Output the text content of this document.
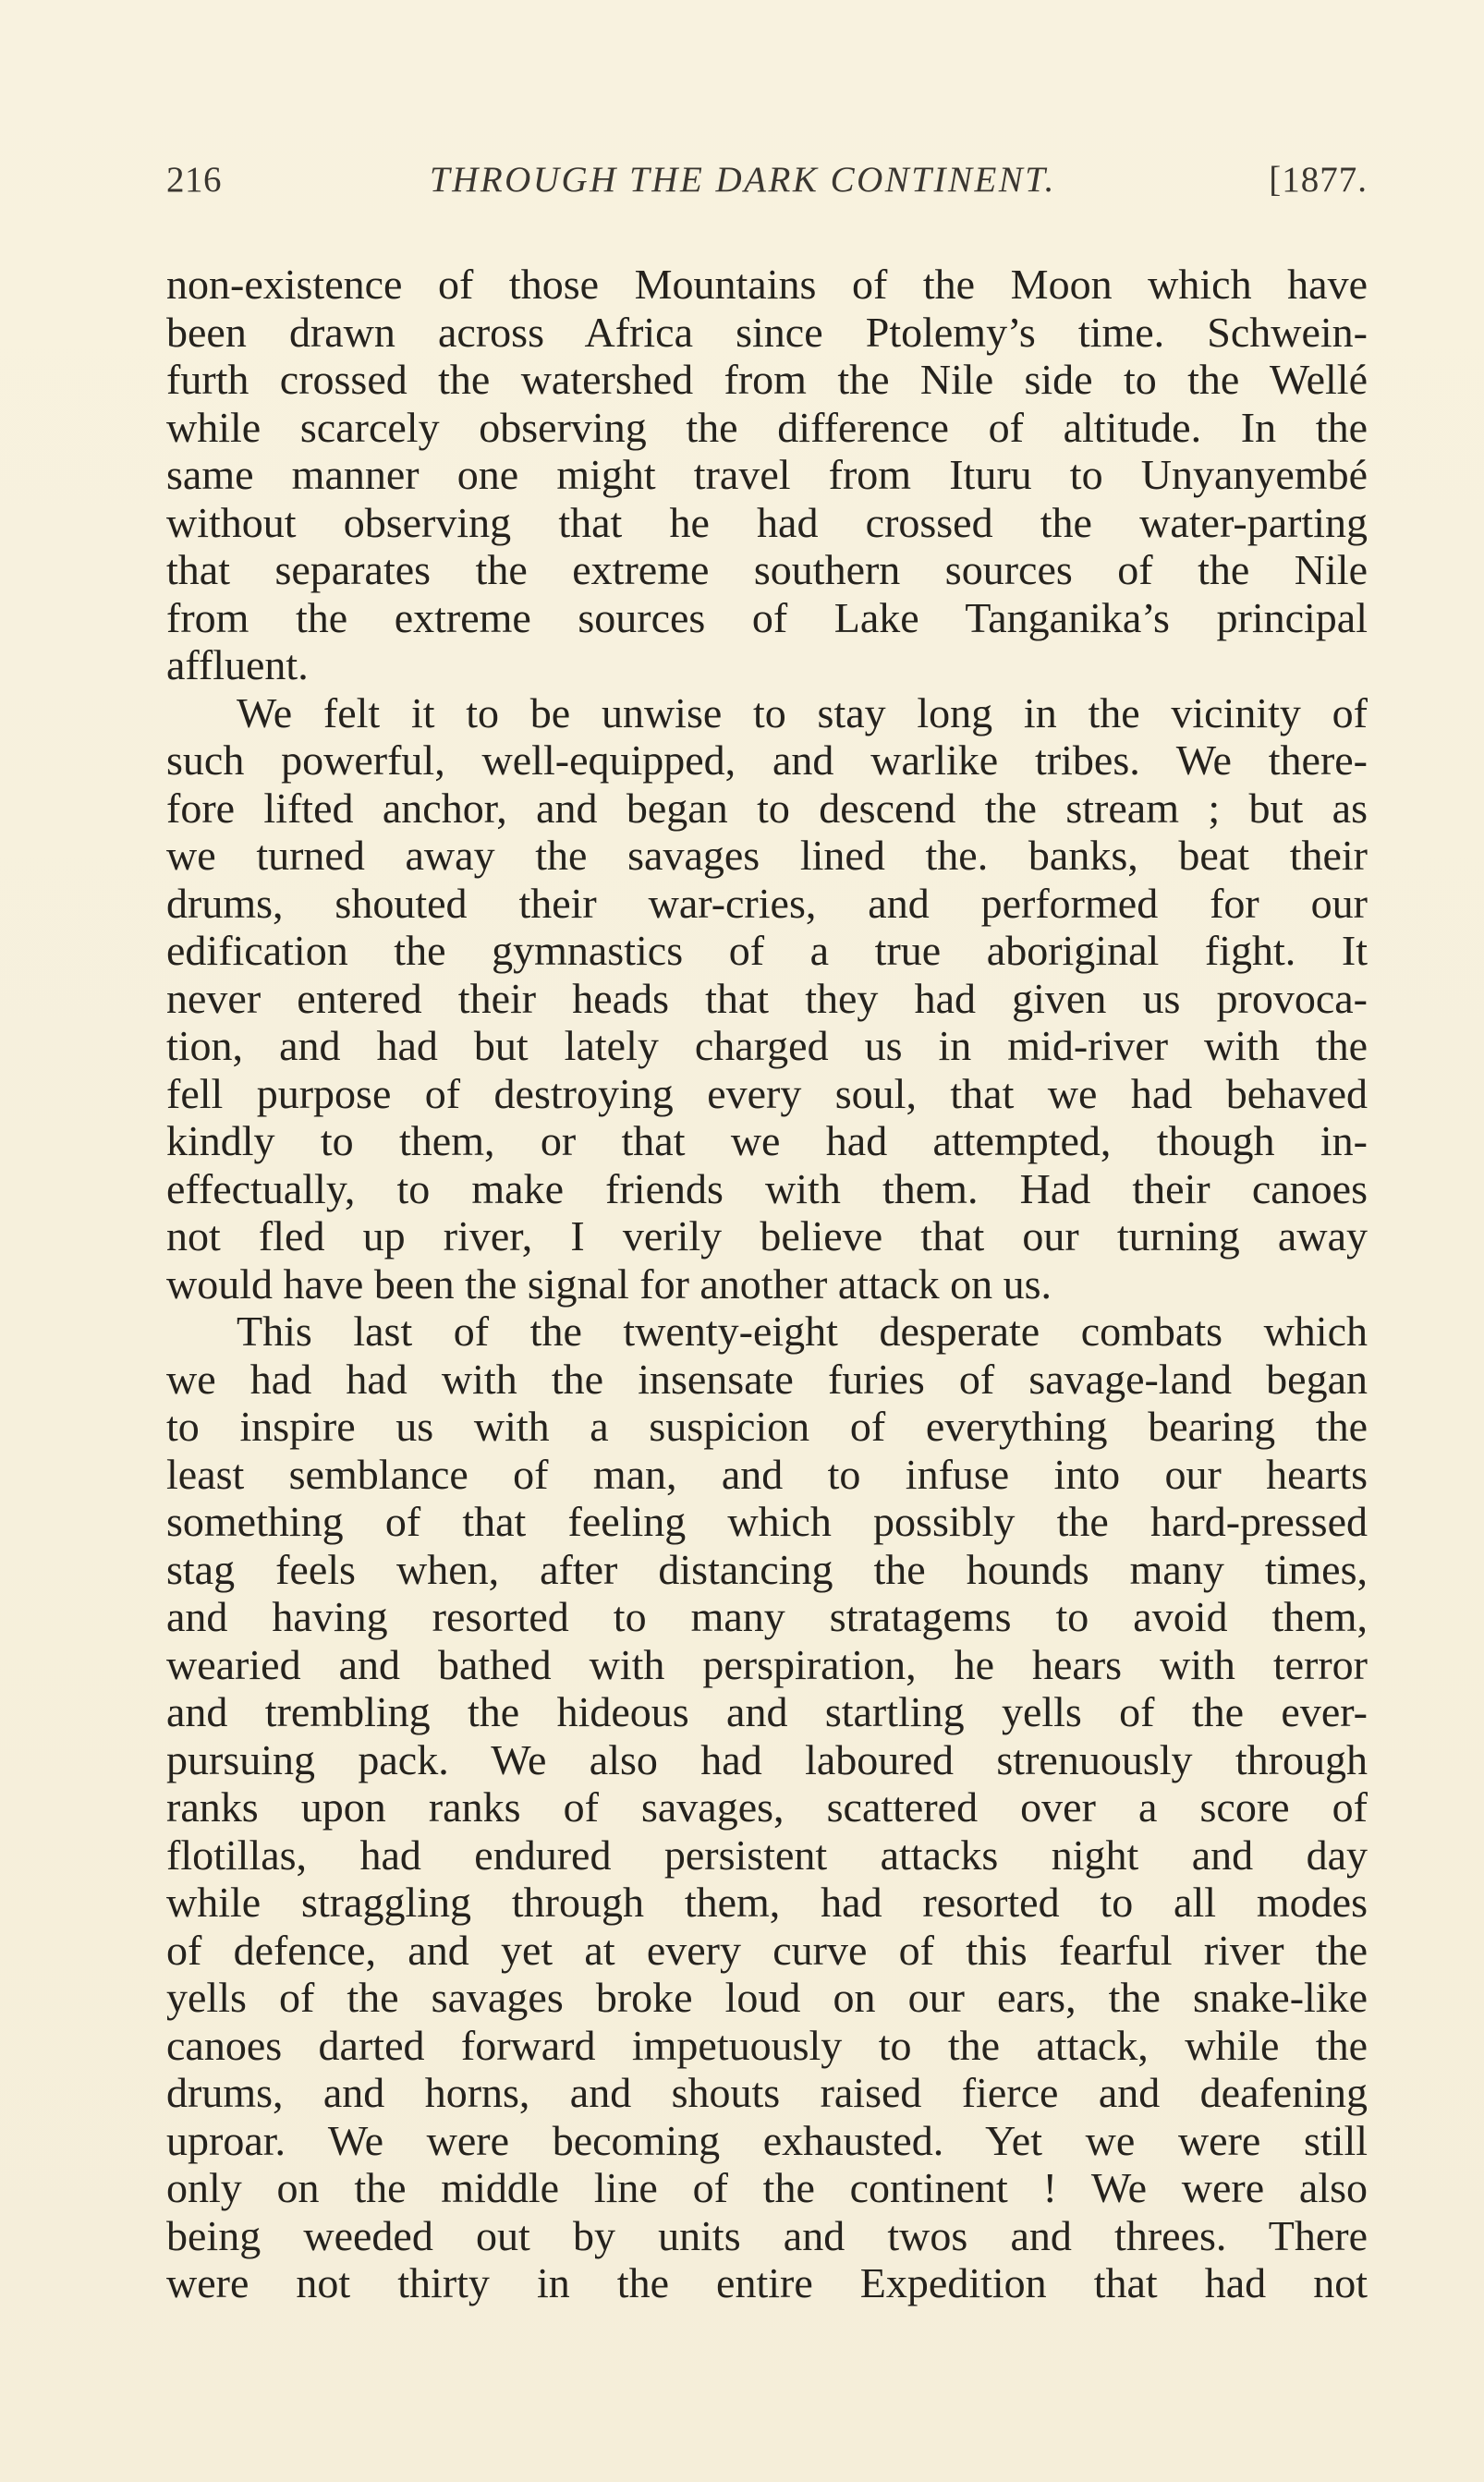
216	THROUGH THE DARK CONTINENT.	[1877.
non-existence of those Mountains of the Moon which have
been drawn across Africa since Ptolemy’s time. Schwein-
furth crossed the watershed from the Nile side to the Wellé
while scarcely observing the difference of altitude. In the
same manner one might travel from Ituru to Unyanyembé
without observing that he had crossed the water-parting
that separates the extreme southern sources of the Nile
from the extreme sources of Lake Tanganika’s principal
affluent.
We felt it to be unwise to stay long in the vicinity of
such powerful, well-equipped, and warlike tribes. We there-
fore lifted anchor, and began to descend the stream ; but as
we turned away the savages lined the. banks, beat their
drums, shouted their war-cries, and performed for our
edification the gymnastics of a true aboriginal fight. It
never entered their heads that they had given us provoca-
tion, and had but lately charged us in mid-river with the
fell purpose of destroying every soul, that we had behaved
kindly to them, or that we had attempted, though in-
effectually, to make friends with them. Had their canoes
not fled up river, I verily believe that our turning away
would have been the signal for another attack on us.
This last of the twenty-eight desperate combats which
we had had with the insensate furies of savage-land began
to inspire us with a suspicion of everything bearing the
least semblance of man, and to infuse into our hearts
something of that feeling which possibly the hard-pressed
stag feels when, after distancing the hounds many times,
and having resorted to many stratagems to avoid them,
wearied and bathed with perspiration, he hears with terror
and trembling the hideous and startling yells of the ever-
pursuing pack. We also had laboured strenuously through
ranks upon ranks of savages, scattered over a score of
flotillas, had endured persistent attacks night and day
while straggling through them, had resorted to all modes
of defence, and yet at every curve of this fearful river the
yells of the savages broke loud on our ears, the snake-like
canoes darted forward impetuously to the attack, while the
drums, and horns, and shouts raised fierce and deafening
uproar. We were becoming exhausted. Yet we were still
only on the middle line of the continent ! We were also
being weeded out by units and twos and threes. There
were not thirty in the entire Expedition that had not
